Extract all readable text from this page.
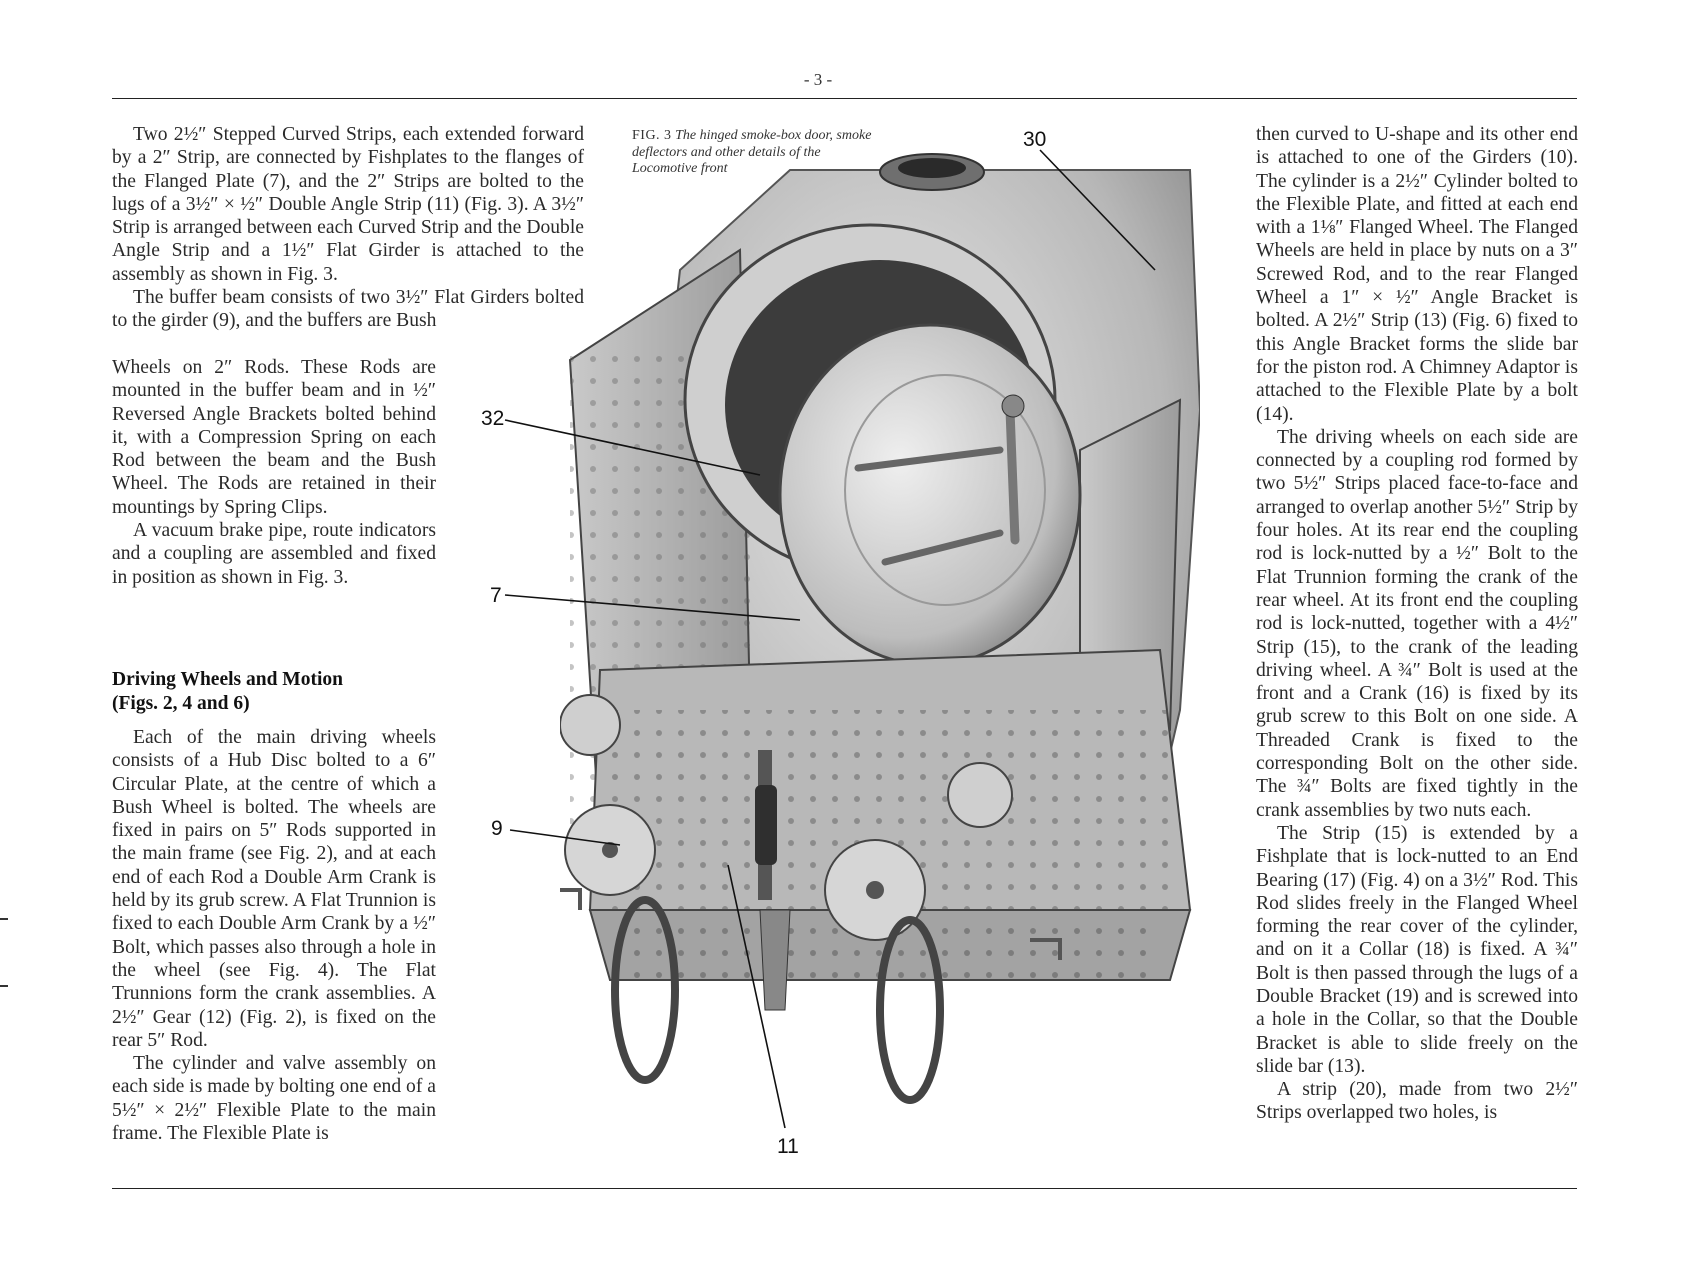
- 3 -

Two 2½″ Stepped Curved Strips, each extended forward by a 2″ Strip, are connected by Fishplates to the flanges of the Flanged Plate (7), and the 2″ Strips are bolted to the lugs of a 3½″ × ½″ Double Angle Strip (11) (Fig. 3). A 3½″ Strip is arranged between each Curved Strip and the Double Angle Strip and a 1½″ Flat Girder is attached to the assembly as shown in Fig. 3.

The buffer beam consists of two 3½″ Flat Girders bolted to the girder (9), and the buffers are Bush

Wheels on 2″ Rods. These Rods are mounted in the buffer beam and in ½″ Reversed Angle Brackets bolted behind it, with a Compression Spring on each Rod between the beam and the Bush Wheel. The Rods are retained in their mountings by Spring Clips.

A vacuum brake pipe, route indicators and a coupling are assembled and fixed in position as shown in Fig. 3.

Driving Wheels and Motion
(Figs. 2, 4 and 6)

Each of the main driving wheels consists of a Hub Disc bolted to a 6″ Circular Plate, at the centre of which a Bush Wheel is bolted. The wheels are fixed in pairs on 5″ Rods supported in the main frame (see Fig. 2), and at each end of each Rod a Double Arm Crank is held by its grub screw. A Flat Trunnion is fixed to each Double Arm Crank by a ½″ Bolt, which passes also through a hole in the wheel (see Fig. 4). The Flat Trunnions form the crank assemblies. A 2½″ Gear (12) (Fig. 2), is fixed on the rear 5″ Rod.

The cylinder and valve assembly on each side is made by bolting one end of a 5½″ × 2½″ Flexible Plate to the main frame. The Flexible Plate is

FIG. 3 The hinged smoke-box door, smoke deflectors and other details of the Locomotive front
30
32
7
9
11

then curved to U-shape and its other end is attached to one of the Girders (10). The cylinder is a 2½″ Cylinder bolted to the Flexible Plate, and fitted at each end with a 1⅛″ Flanged Wheel. The Flanged Wheels are held in place by nuts on a 3″ Screwed Rod, and to the rear Flanged Wheel a 1″ × ½″ Angle Bracket is bolted. A 2½″ Strip (13) (Fig. 6) fixed to this Angle Bracket forms the slide bar for the piston rod. A Chimney Adaptor is attached to the Flexible Plate by a bolt (14).

The driving wheels on each side are connected by a coupling rod formed by two 5½″ Strips placed face-to-face and arranged to overlap another 5½″ Strip by four holes. At its rear end the coupling rod is lock-nutted by a ½″ Bolt to the Flat Trunnion forming the crank of the rear wheel. At its front end the coupling rod is lock-nutted, together with a 4½″ Strip (15), to the crank of the leading driving wheel. A ¾″ Bolt is used at the front and a Crank (16) is fixed by its grub screw to this Bolt on one side. A Threaded Crank is fixed to the corresponding Bolt on the other side. The ¾″ Bolts are fixed tightly in the crank assemblies by two nuts each.

The Strip (15) is extended by a Fishplate that is lock-nutted to an End Bearing (17) (Fig. 4) on a 3½″ Rod. This Rod slides freely in the Flanged Wheel forming the rear cover of the cylinder, and on it a Collar (18) is fixed. A ¾″ Bolt is then passed through the lugs of a Double Bracket (19) and is screwed into a hole in the Collar, so that the Double Bracket is able to slide freely on the slide bar (13).

A strip (20), made from two 2½″ Strips overlapped two holes, is
